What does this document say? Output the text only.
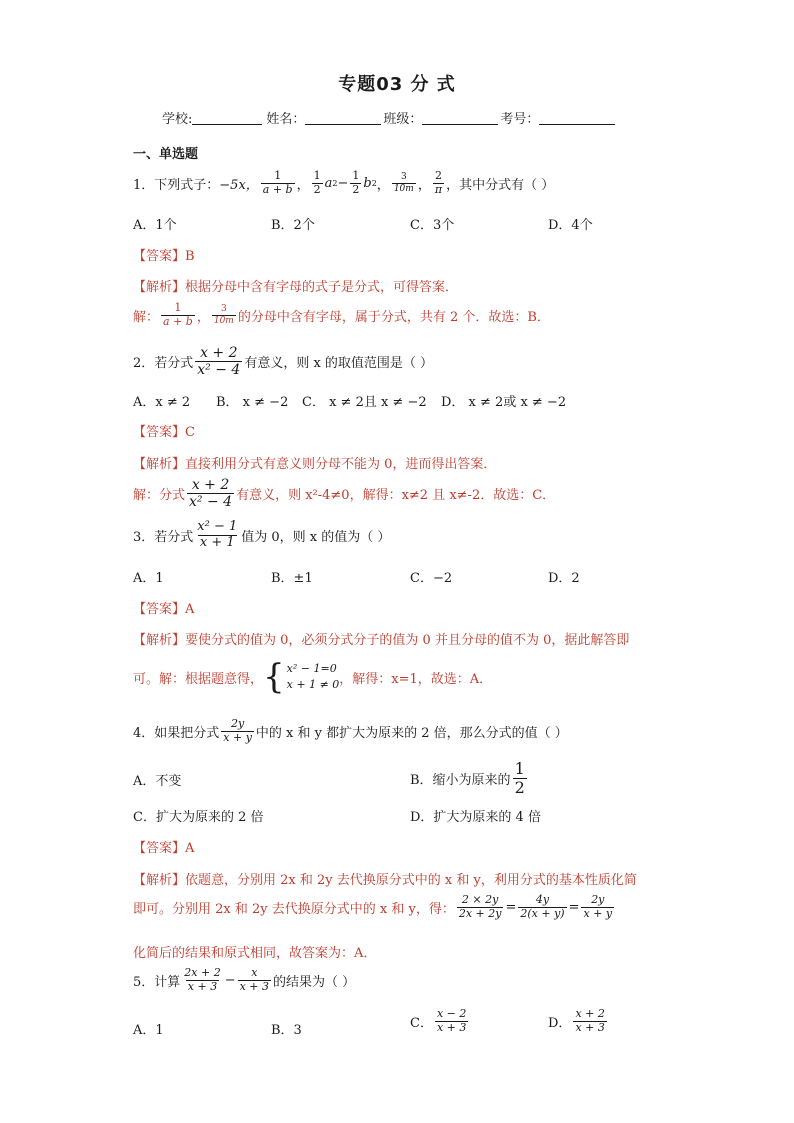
专题03 分 式
学校:	姓名：	班级：	考号：
一、单选题
1．下列式子： −5x， $\frac{1}{a + b}$ ， $\frac{1}{2}$ a $2 - \frac{1}{2}$ b 2 ， $\frac{3}{10m}$ ， $\frac{2}{\pi}$ ，其中分式有（ ）
A．1个	B．2个	C．3个	D．4个
【答案】B
【解析】根据分母中含有字母的式子是分式，可得答案．
解： $\frac{1}{a + b}$ ， $\frac{3}{10m}$ 的分母中含有字母，属于分式，共有 2 个．故选：B．
2．若分式 $\frac{x + 2}{\text{x² − 4}}$ 有意义，则 x 的取值范围是（ ）
A．x ≠ 2 B． x ≠ −2 C． x ≠ 2且 x ≠ −2 D． x ≠ 2或 x ≠ −2
【答案】C
【解析】直接利用分式有意义则分母不能为 0，进而得出答案．
解：分式 $\frac{x + 2}{\text{x² − 4}}$ 有意义，则 x²-4≠0，解得：x≠2 且 x≠-2．故选：C．
3．若分式 $\frac{\text{x² − 1}}{x + 1}$ 值为 0，则 x 的值为（ ）
A．1	B．±1	C．−2	D．2
【答案】A
【解析】要使分式的值为 0，必须分式分子的值为 0 并且分母的值不为 0，据此解答即
可。解：根据题意得， { x² − 1=0
x + 1 ≠ 0 ，解得：x=1，故选：A．
4．如果把分式 $\frac{2y}{x + y}$ 中的 x 和 y 都扩大为原来的 2 倍，那么分式的值（ ）
A．不变	B．缩小为原来的 $\frac{1}{2}$
C．扩大为原来的 2 倍	D．扩大为原来的 4 倍
【答案】A
【解析】依题意，分别用 2x 和 2y 去代换原分式中的 x 和 y，利用分式的基本性质化简
即可。分别用 2x 和 2y 去代换原分式中的 x 和 y，得： $\frac{2 \times 2y}{2x + 2y} = \frac{4y}{2(x + y)} = \frac{2y}{x + y}$
化简后的结果和原式相同，故答案为：A．
5．计算 $\frac{2x + 2}{x + 3} - \frac{x}{x + 3}$ 的结果为（ ）
A．1	B．3	C． $\frac{x - 2}{x + 3}$	D． $\frac{x + 2}{x + 3}$
